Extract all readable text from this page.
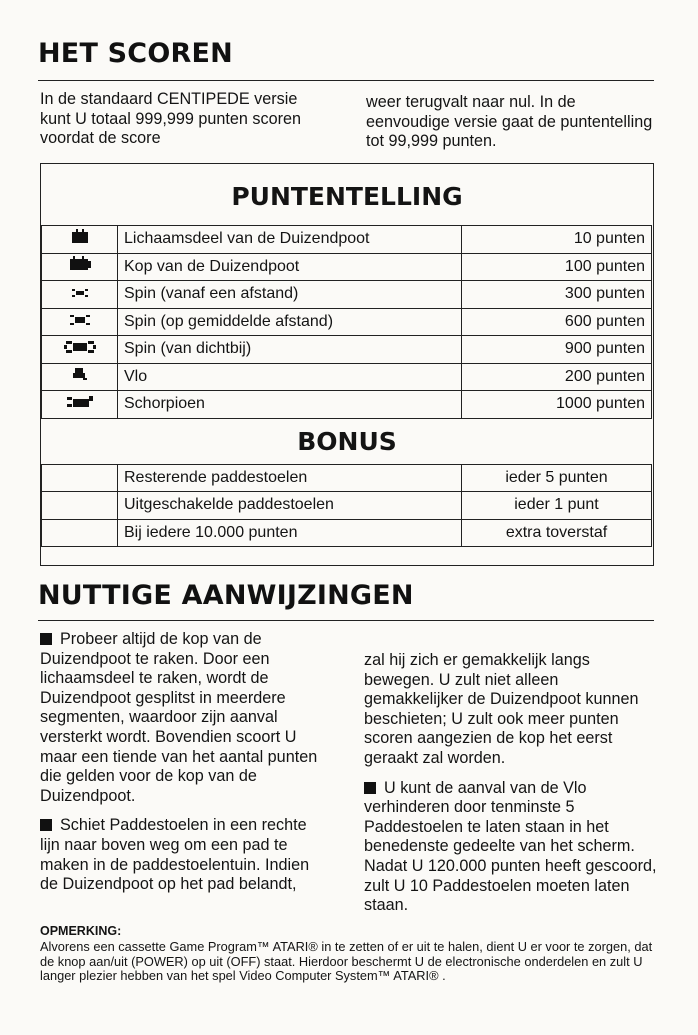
HET SCOREN
In de standaard CENTIPEDE versie kunt U totaal 999,999 punten scoren voordat de score
weer terugvalt naar nul. In de eenvoudige versie gaat de puntentelling tot 99,999 punten.
PUNTENTELLING
	Lichaamsdeel van de Duizendpoot	10 punten
	Kop van de Duizendpoot	100 punten
	Spin (vanaf een afstand)	300 punten
	Spin (op gemiddelde afstand)	600 punten
	Spin (van dichtbij)	900 punten
	Vlo	200 punten
	Schorpioen	1000 punten
BONUS
	Resterende paddestoelen	ieder 5 punten
	Uitgeschakelde paddestoelen	ieder 1 punt
	Bij iedere 10.000 punten	extra toverstaf
NUTTIGE AANWIJZINGEN

Probeer altijd de kop van de Duizendpoot te raken. Door een lichaamsdeel te raken, wordt de Duizendpoot gesplitst in meerdere segmenten, waardoor zijn aanval versterkt wordt. Bovendien scoort U maar een tiende van het aantal punten die gelden voor de kop van de Duizendpoot.

Schiet Paddestoelen in een rechte lijn naar boven weg om een pad te maken in de paddestoelentuin. Indien de Duizendpoot op het pad belandt,

zal hij zich er gemakkelijk langs bewegen. U zult niet alleen gemakkelijker de Duizendpoot kunnen beschieten; U zult ook meer punten scoren aangezien de kop het eerst geraakt zal worden.

U kunt de aanval van de Vlo verhinderen door tenminste 5 Paddestoelen te laten staan in het benedenste gedeelte van het scherm. Nadat U 120.000 punten heeft gescoord, zult U 10 Paddestoelen moeten laten staan.

OPMERKING:
Alvorens een cassette Game Program™ ATARI® in te zetten of er uit te halen, dient U er voor te zorgen, dat de knop aan/uit (POWER) op uit (OFF) staat. Hierdoor beschermt U de electronische onderdelen en zult U langer plezier hebben van het spel Video Computer System™ ATARI® .
